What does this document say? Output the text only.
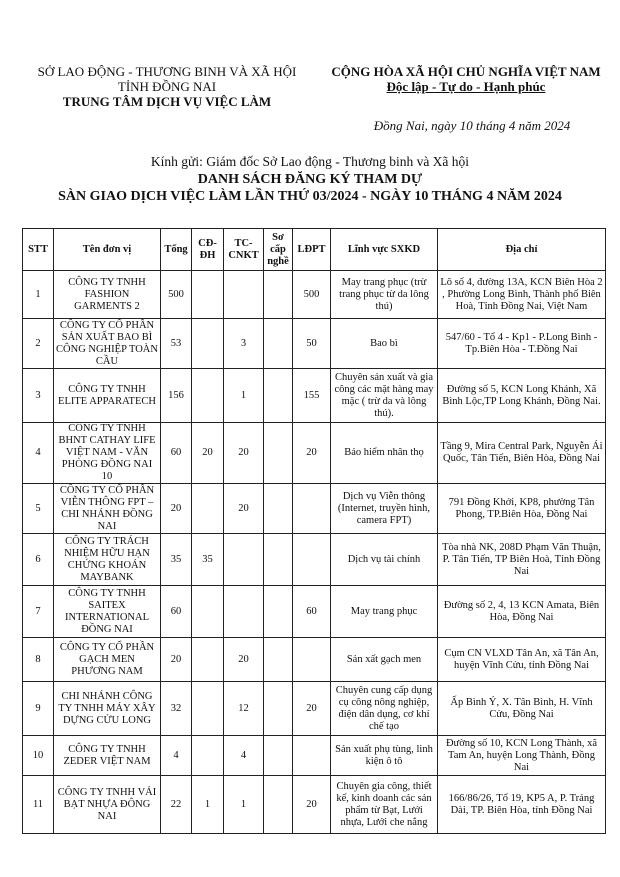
SỞ LAO ĐỘNG - THƯƠNG BINH VÀ XÃ HỘI
TỈNH ĐỒNG NAI
TRUNG TÂM DỊCH VỤ VIỆC LÀM
CỘNG HÒA XÃ HỘI CHỦ NGHĨA VIỆT NAM
Độc lập - Tự do - Hạnh phúc
Đồng Nai, ngày 10 tháng 4 năm 2024
Kính gửi: Giám đốc Sở Lao động - Thương binh và Xã hội
DANH SÁCH ĐĂNG KÝ THAM DỰ
SÀN GIAO DỊCH VIỆC LÀM LẦN THỨ 03/2024 - NGÀY 10 THÁNG 4 NĂM 2024
STT	Tên đơn vị	Tổng	CĐ-ĐH	TC-CNKT	Sơ cấp nghề	LĐPT	Lĩnh vực SXKD	Địa chỉ
1	CÔNG TY TNHH FASHION GARMENTS 2	500				500	May trang phục (trừ trang phục từ da lông thú)	Lô số 4, đường 13A, KCN Biên Hòa 2 , Phường Long Bình, Thành phố Biên Hoà, Tỉnh Đồng Nai, Việt Nam
2	CÔNG TY CỔ PHẦN SẢN XUẤT BAO BÌ CÔNG NGHIỆP TOÀN CẦU	53		3		50	Bao bì	547/60 - Tổ 4 - Kp1 - P.Long Bình - Tp.Biên Hòa - T.Đồng Nai
3	CÔNG TY TNHH ELITE APPARATECH	156		1		155	Chuyên sản xuất và gia công các mặt hàng may mặc ( trừ da và lông thú).	Đường số 5, KCN Long Khánh, Xã Bình Lộc,TP Long Khánh, Đồng Nai.
4	CÔNG TY TNHH BHNT CATHAY LIFE VIỆT NAM - VĂN PHÒNG ĐỒNG NAI 10	60	20	20		20	Bảo hiểm nhân thọ	Tầng 9, Mira Central Park, Nguyễn Ái Quốc, Tân Tiến, Biên Hòa, Đồng Nai
5	CÔNG TY CỔ PHẦN VIỄN THÔNG FPT – CHI NHÁNH ĐỒNG NAI	20		20			Dịch vụ Viễn thông (Internet, truyền hình, camera FPT)	791 Đồng Khởi, KP8, phường Tân Phong, TP.Biên Hòa, Đồng Nai
6	CÔNG TY TRÁCH NHIỆM HỮU HẠN CHỨNG KHOÁN MAYBANK	35	35				Dịch vụ tài chính	Tòa nhà NK, 208D Phạm Văn Thuận, P. Tân Tiến, TP Biên Hoà, Tỉnh Đồng Nai
7	CÔNG TY TNHH SAITEX INTERNATIONAL ĐỒNG NAI	60				60	May trang phục	Đường số 2, 4, 13 KCN Amata, Biên Hòa, Đồng Nai
8	CÔNG TY CỔ PHẦN GẠCH MEN PHƯƠNG NAM	20		20			Sản xất gạch men	Cụm CN VLXD Tân An, xã Tân An, huyện Vĩnh Cửu, tỉnh Đồng Nai
9	CHI NHÁNH CÔNG TY TNHH MÁY XÂY DỰNG CỬU LONG	32		12		20	Chuyên cung cấp dụng cụ công nông nghiệp, điện dân dụng, cơ khí chế tạo	Ấp Bình Ý, X. Tân Bình, H. Vĩnh Cửu, Đồng Nai
10	CÔNG TY TNHH ZEDER VIỆT NAM	4		4			Sản xuất phụ tùng, linh kiện ô tô	Đường số 10, KCN Long Thành, xã Tam An, huyện Long Thành, Đồng Nai
11	CÔNG TY TNHH VẢI BẠT NHỰA ĐÔNG NAI	22	1	1		20	Chuyên gia công, thiết kế, kinh doanh các sản phẩm từ Bạt, Lưới nhựa, Lưới che nắng	166/86/26, Tổ 19, KP5 A, P. Trảng Dài, TP. Biên Hòa, tỉnh Đồng Nai
